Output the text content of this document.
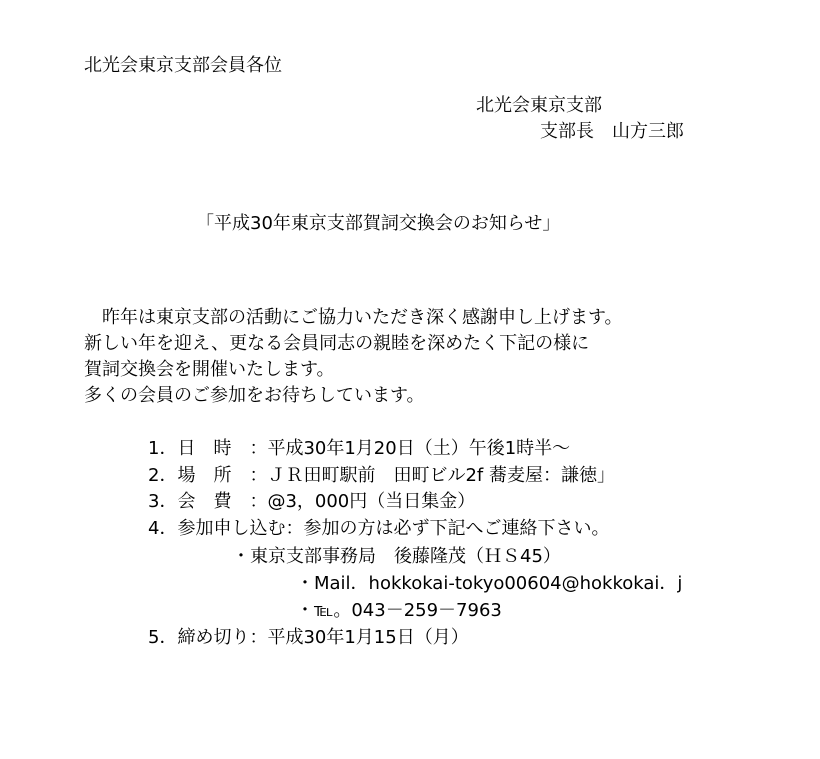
北光会東京支部会員各位
北光会東京支部
支部長　山方三郎
「平成30年東京支部賀詞交換会のお知らせ」
　昨年は東京支部の活動にご協力いただき深く感謝申し上げます。
新しい年を迎え、更なる会員同志の親睦を深めたく下記の様に
賀詞交換会を開催いたします。
多くの会員のご参加をお待ちしています。
1．日　時　：平成30年1月20日（土）午後1時半～
2．場　所　：ＪＲ田町駅前　田町ビル2f 蕎麦屋：謙徳」
3．会　費　：@3，000円（当日集金）
4．参加申し込む：参加の方は必ず下記へご連絡下さい。
・東京支部事務局　後藤隆茂（ＨＳ45）
・Mail．hokkokai-tokyo00604@hokkokai．j
・℡。043－259－7963
5．締め切り：平成30年1月15日（月）
